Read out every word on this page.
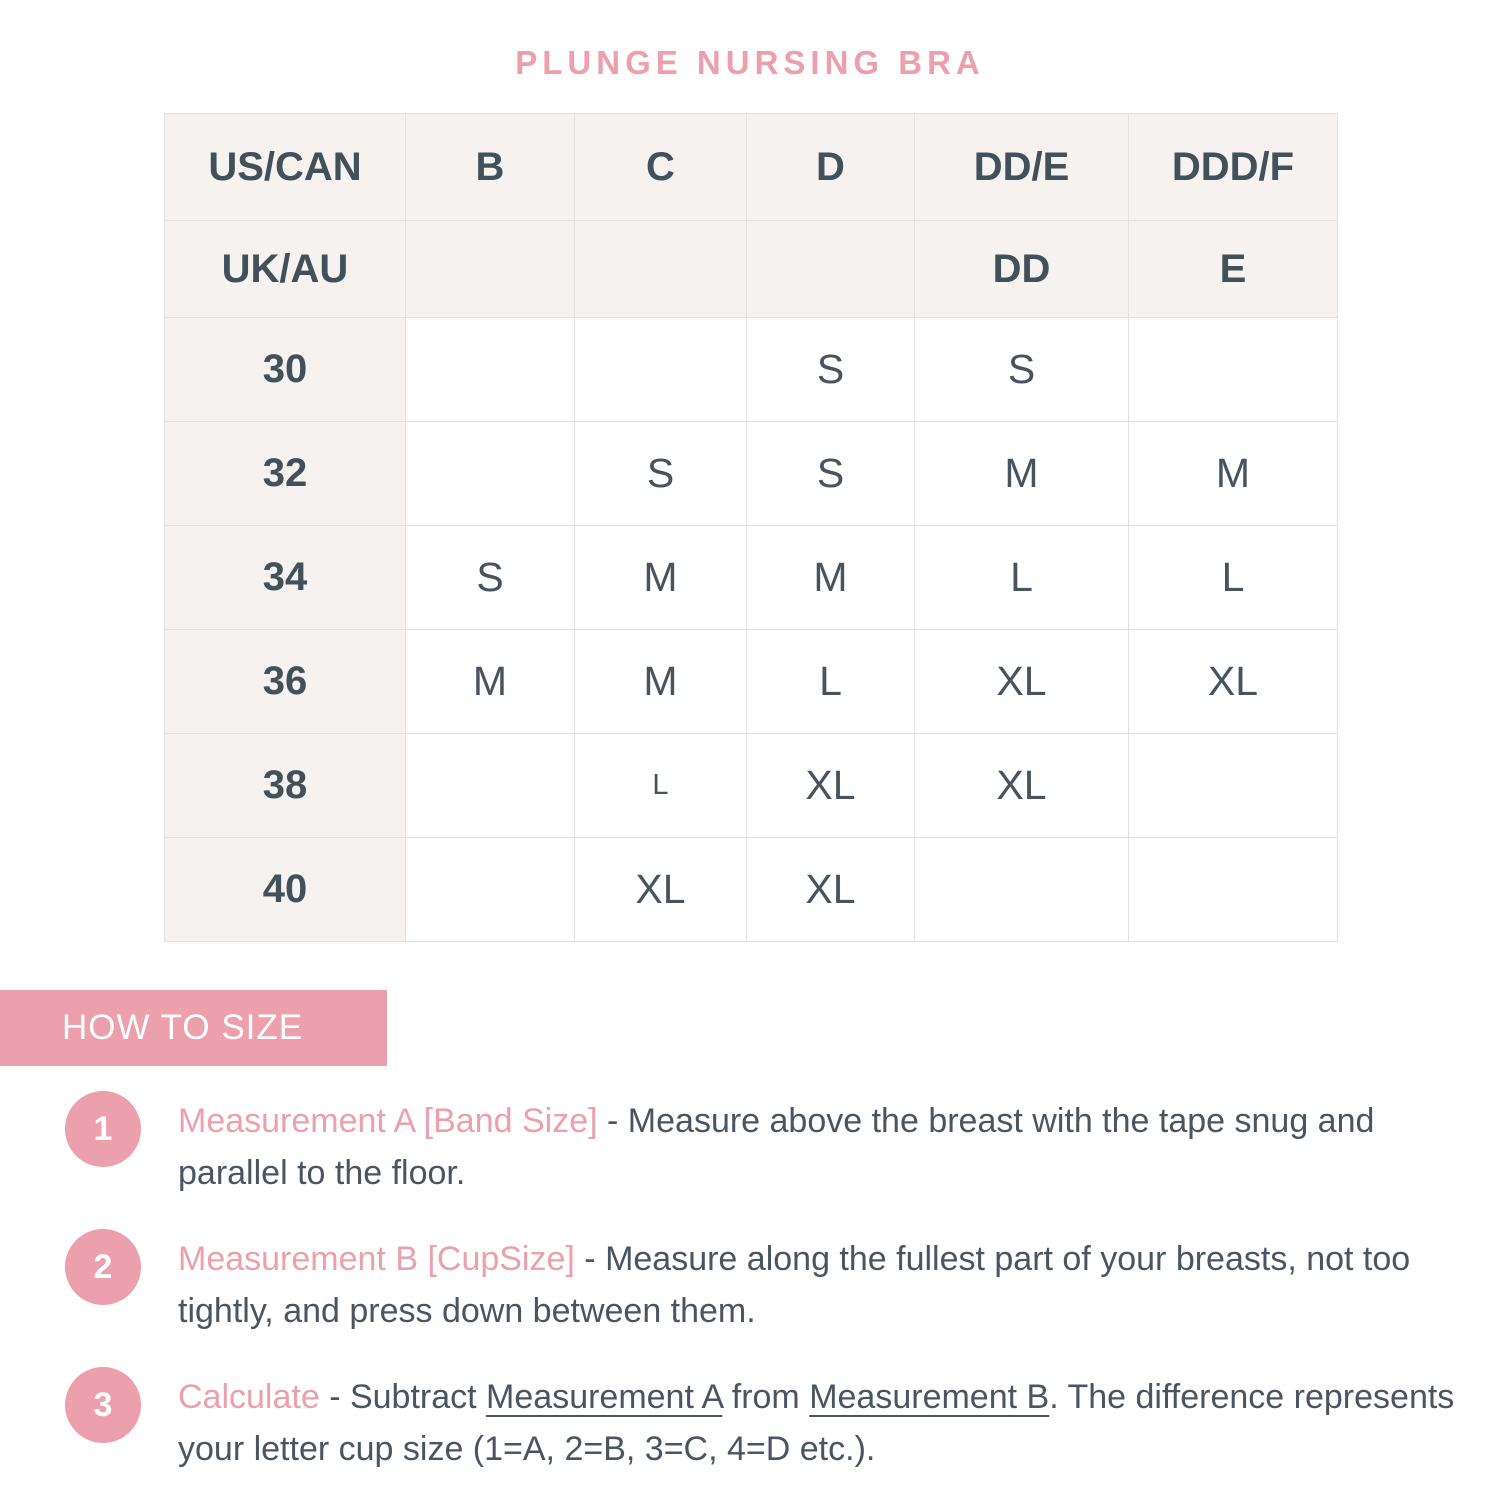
PLUNGE NURSING BRA
US/CAN	B	C	D	DD/E	DDD/F
UK/AU				DD	E
30			S	S	
32		S	S	M	M
34	S	M	M	L	L
36	M	M	L	XL	XL
38		L	XL	XL	
40		XL	XL		
HOW TO SIZE
1	Measurement A [Band Size] - Measure above the breast with the tape snug and parallel to the floor.
2	Measurement B [CupSize] - Measure along the fullest part of your breasts, not too tightly, and press down between them.
3	Calculate - Subtract Measurement A from Measurement B. The difference represents your letter cup size (1=A, 2=B, 3=C, 4=D etc.).
